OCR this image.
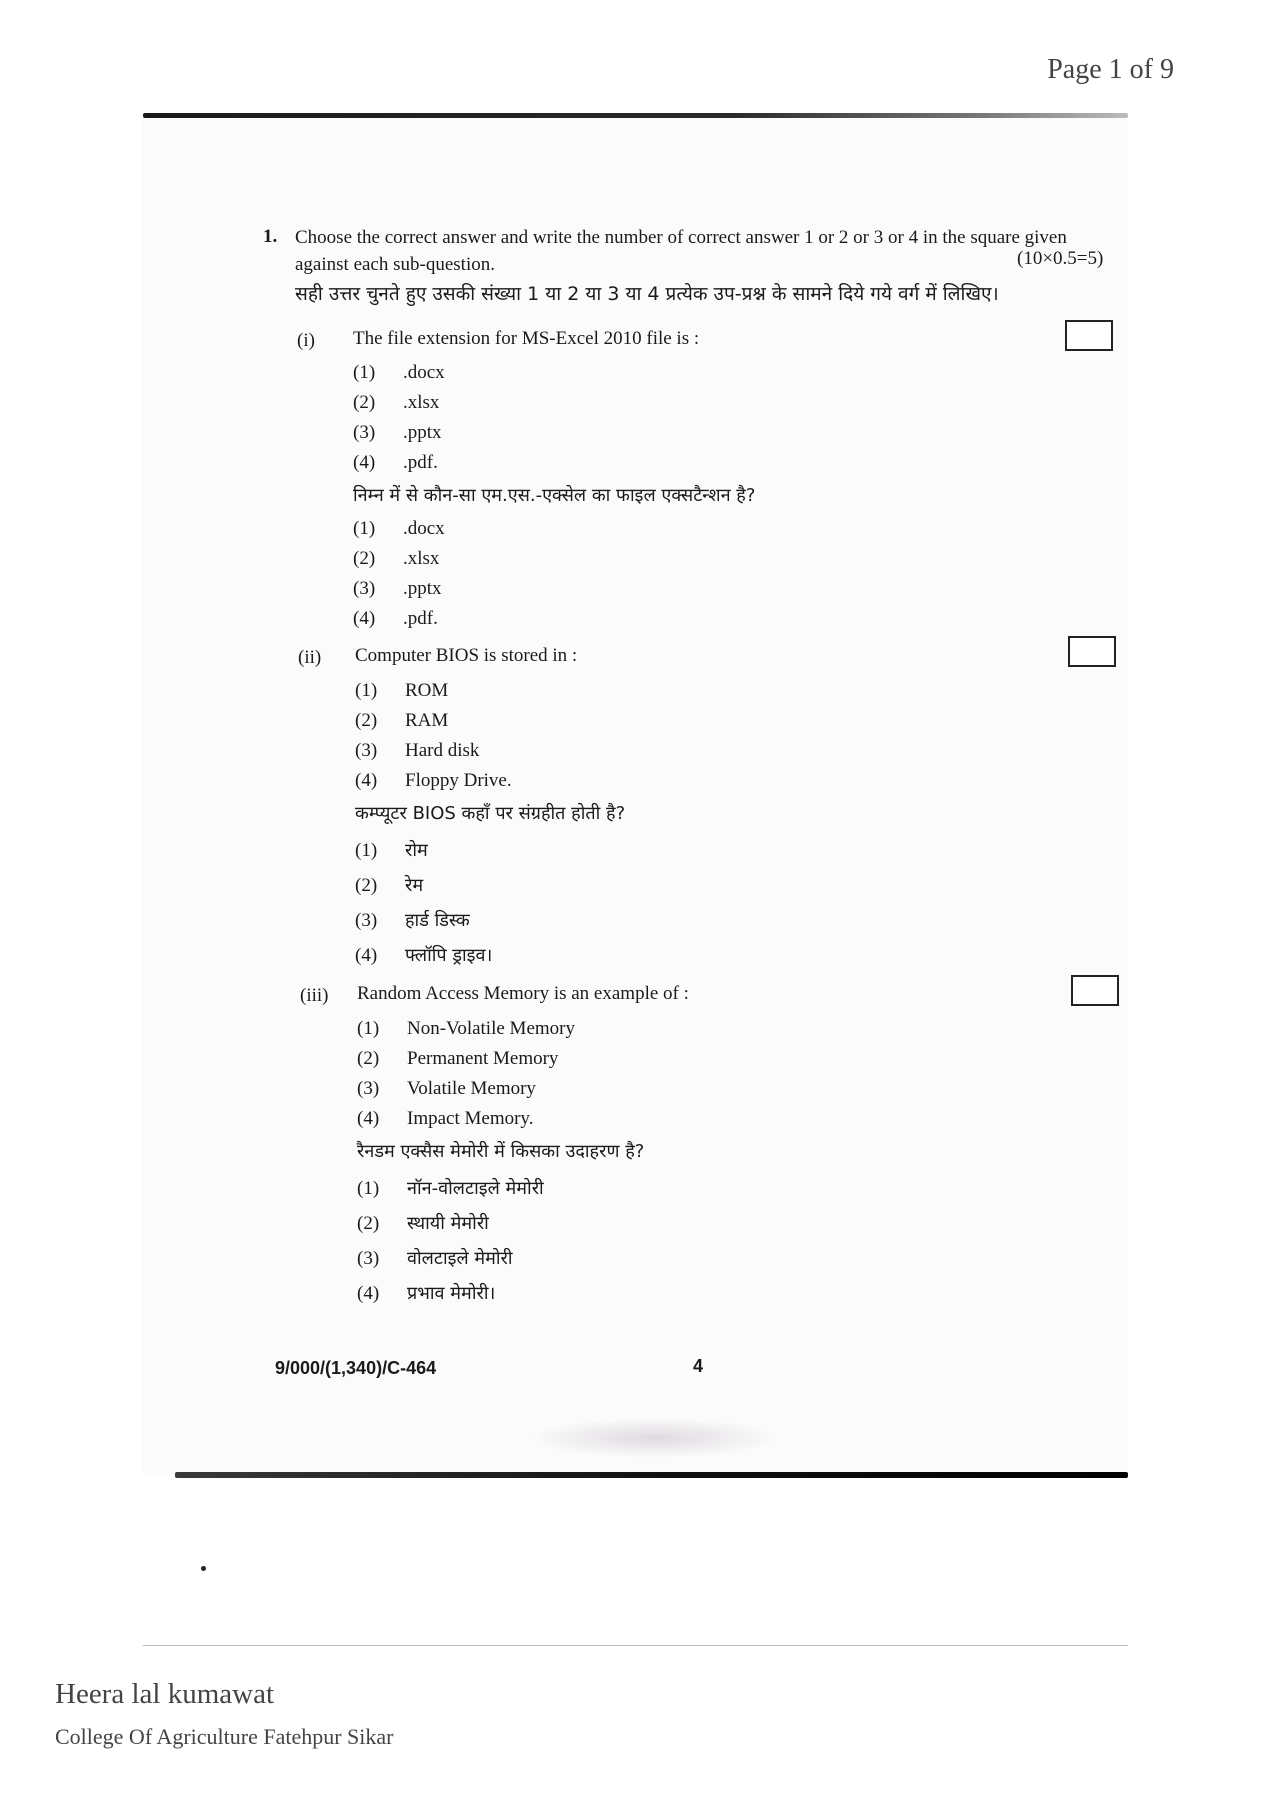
Page 1 of 9
1. Choose the correct answer and write the number of correct answer 1 or 2 or 3 or 4 in the square given against each sub-question.	(10×0.5=5)
सही उत्तर चुनते हुए उसकी संख्या 1 या 2 या 3 या 4 प्रत्येक उप-प्रश्न के सामने दिये गये वर्ग में लिखिए।
(i) The file extension for MS-Excel 2010 file is :
(1) .docx
(2) .xlsx
(3) .pptx
(4) .pdf.
निम्न में से कौन-सा एम.एस.-एक्सेल का फाइल एक्सटैन्शन है?
(1) .docx
(2) .xlsx
(3) .pptx
(4) .pdf.
(ii) Computer BIOS is stored in :
(1) ROM
(2) RAM
(3) Hard disk
(4) Floppy Drive.
कम्प्यूटर BIOS कहाँ पर संग्रहीत होती है?
(1) रोम
(2) रेम
(3) हार्ड डिस्क
(4) फ्लॉपि ड्राइव।
(iii) Random Access Memory is an example of :
(1) Non-Volatile Memory
(2) Permanent Memory
(3) Volatile Memory
(4) Impact Memory.
रैनडम एक्सैस मेमोरी में किसका उदाहरण है?
(1) नॉन-वोलटाइले मेमोरी
(2) स्थायी मेमोरी
(3) वोलटाइले मेमोरी
(4) प्रभाव मेमोरी।
9/000/(1,340)/C-464	4
Heera lal kumawat
College Of Agriculture Fatehpur Sikar
